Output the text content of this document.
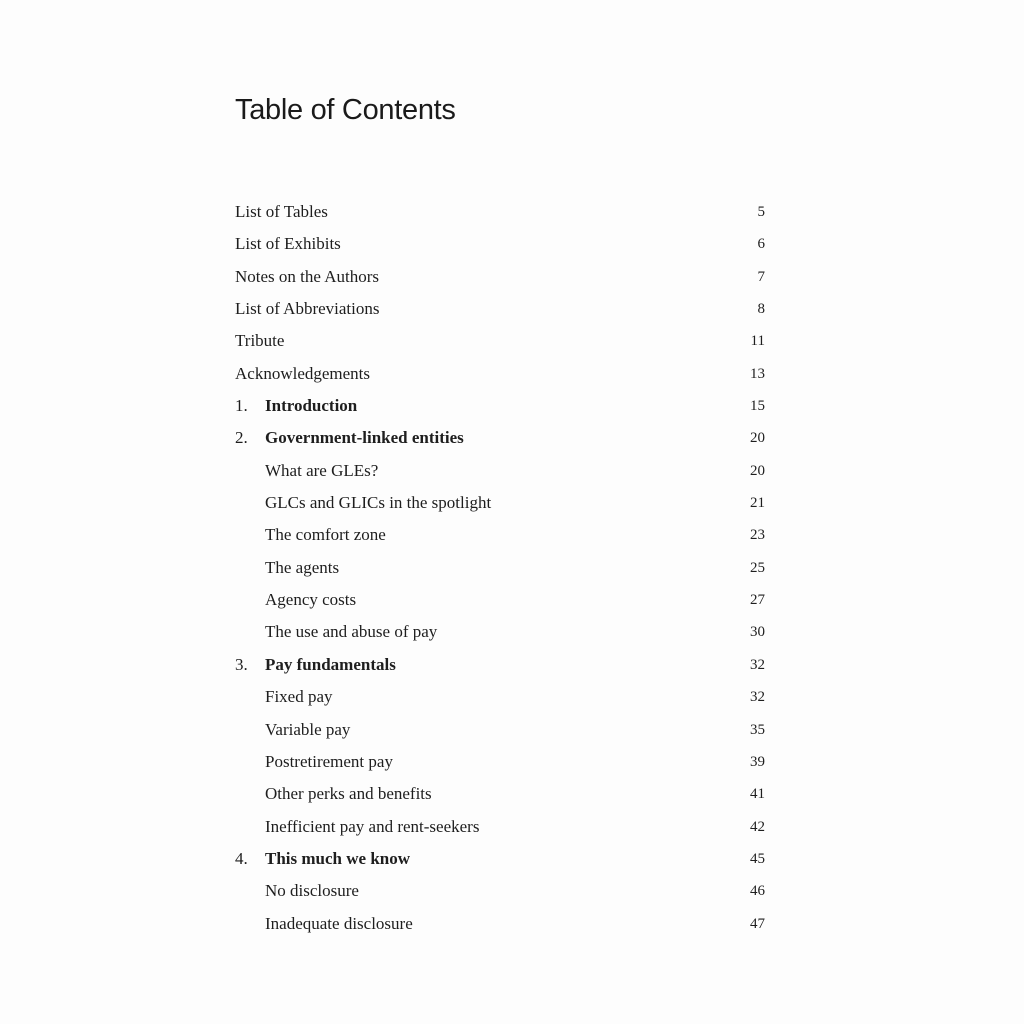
Table of Contents
List of Tables	5
List of Exhibits	6
Notes on the Authors	7
List of Abbreviations	8
Tribute	11
Acknowledgements	13
1. Introduction	15
2. Government-linked entities	20
What are GLEs?	20
GLCs and GLICs in the spotlight	21
The comfort zone	23
The agents	25
Agency costs	27
The use and abuse of pay	30
3. Pay fundamentals	32
Fixed pay	32
Variable pay	35
Postretirement pay	39
Other perks and benefits	41
Inefficient pay and rent-seekers	42
4. This much we know	45
No disclosure	46
Inadequate disclosure	47
